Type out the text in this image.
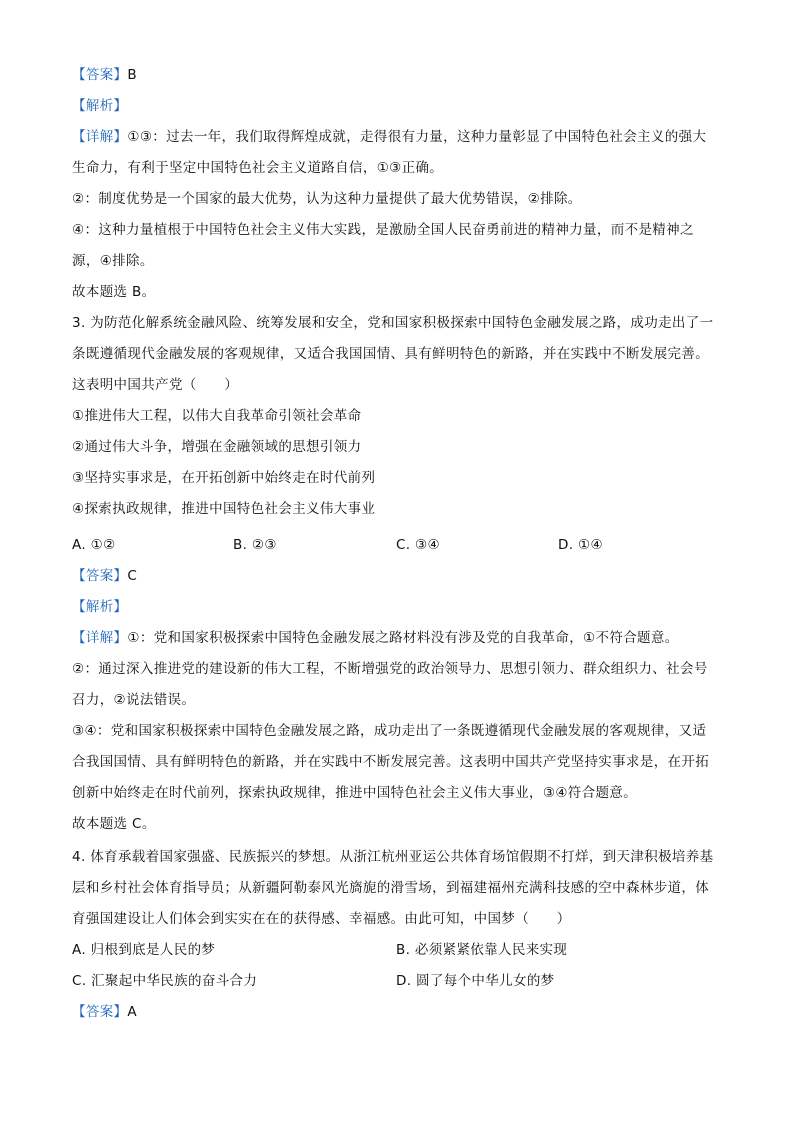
【答案】B
【解析】
【详解】①③：过去一年，我们取得辉煌成就，走得很有力量，这种力量彰显了中国特色社会主义的强大
生命力，有利于坚定中国特色社会主义道路自信，①③正确。
②：制度优势是一个国家的最大优势，认为这种力量提供了最大优势错误，②排除。
④：这种力量植根于中国特色社会主义伟大实践，是激励全国人民奋勇前进的精神力量，而不是精神之
源，④排除。
故本题选 B。
3. 为防范化解系统金融风险、统筹发展和安全，党和国家积极探索中国特色金融发展之路，成功走出了一
条既遵循现代金融发展的客观规律，又适合我国国情、具有鲜明特色的新路，并在实践中不断发展完善。
这表明中国共产党（　　）
①推进伟大工程，以伟大自我革命引领社会革命
②通过伟大斗争，增强在金融领域的思想引领力
③坚持实事求是，在开拓创新中始终走在时代前列
④探索执政规律，推进中国特色社会主义伟大事业
A. ①②	B. ②③	C. ③④	D. ①④
【答案】C
【解析】
【详解】①：党和国家积极探索中国特色金融发展之路材料没有涉及党的自我革命，①不符合题意。
②：通过深入推进党的建设新的伟大工程，不断增强党的政治领导力、思想引领力、群众组织力、社会号
召力，②说法错误。
③④：党和国家积极探索中国特色金融发展之路，成功走出了一条既遵循现代金融发展的客观规律，又适
合我国国情、具有鲜明特色的新路，并在实践中不断发展完善。这表明中国共产党坚持实事求是，在开拓
创新中始终走在时代前列，探索执政规律，推进中国特色社会主义伟大事业，③④符合题意。
故本题选 C。
4. 体育承载着国家强盛、民族振兴的梦想。从浙江杭州亚运公共体育场馆假期不打烊，到天津积极培养基
层和乡村社会体育指导员；从新疆阿勒泰风光旖旎的滑雪场，到福建福州充满科技感的空中森林步道，体
育强国建设让人们体会到实实在在的获得感、幸福感。由此可知，中国梦（　　）
A. 归根到底是人民的梦	B. 必须紧紧依靠人民来实现
C. 汇聚起中华民族的奋斗合力	D. 圆了每个中华儿女的梦
【答案】A
